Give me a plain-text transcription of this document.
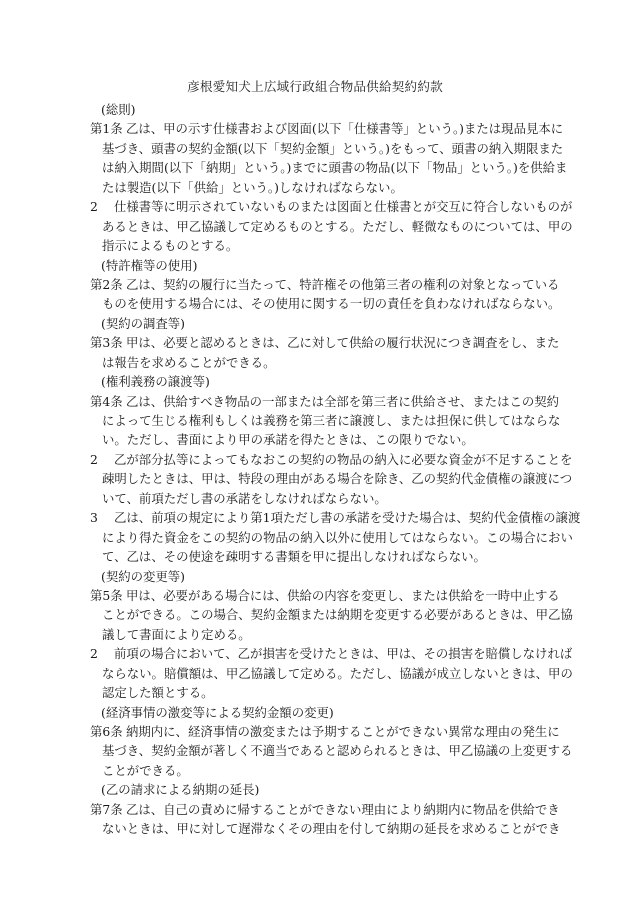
彦根愛知犬上広域行政組合物品供給契約約款
(総則)
第1条 乙は、甲の示す仕様書および図面(以下「仕様書等」という。)または現品見本に
基づき、頭書の契約金額(以下「契約金額」という。)をもって、頭書の納入期限また
は納入期間(以下「納期」という。)までに頭書の物品(以下「物品」という。)を供給ま
たは製造(以下「供給」という。)しなければならない。
2 仕様書等に明示されていないものまたは図面と仕様書とが交互に符合しないものが
あるときは、甲乙協議して定めるものとする。ただし、軽微なものについては、甲の
指示によるものとする。
(特許権等の使用)
第2条 乙は、契約の履行に当たって、特許権その他第三者の権利の対象となっている
ものを使用する場合には、その使用に関する一切の責任を負わなければならない。
(契約の調査等)
第3条 甲は、必要と認めるときは、乙に対して供給の履行状況につき調査をし、また
は報告を求めることができる。
(権利義務の譲渡等)
第4条 乙は、供給すべき物品の一部または全部を第三者に供給させ、またはこの契約
によって生じる権利もしくは義務を第三者に譲渡し、または担保に供してはならな
い。ただし、書面により甲の承諾を得たときは、この限りでない。
2 乙が部分払等によってもなおこの契約の物品の納入に必要な資金が不足することを
疎明したときは、甲は、特段の理由がある場合を除き、乙の契約代金債権の譲渡につ
いて、前項ただし書の承諾をしなければならない。
3 乙は、前項の規定により第1項ただし書の承諾を受けた場合は、契約代金債権の譲渡
により得た資金をこの契約の物品の納入以外に使用してはならない。この場合におい
て、乙は、その使途を疎明する書類を甲に提出しなければならない。
(契約の変更等)
第5条 甲は、必要がある場合には、供給の内容を変更し、または供給を一時中止する
ことができる。この場合、契約金額または納期を変更する必要があるときは、甲乙協
議して書面により定める。
2 前項の場合において、乙が損害を受けたときは、甲は、その損害を賠償しなければ
ならない。賠償額は、甲乙協議して定める。ただし、協議が成立しないときは、甲の
認定した額とする。
(経済事情の激変等による契約金額の変更)
第6条 納期内に、経済事情の激変または予期することができない異常な理由の発生に
基づき、契約金額が著しく不適当であると認められるときは、甲乙協議の上変更する
ことができる。
(乙の請求による納期の延長)
第7条 乙は、自己の責めに帰することができない理由により納期内に物品を供給でき
ないときは、甲に対して遅滞なくその理由を付して納期の延長を求めることができ
